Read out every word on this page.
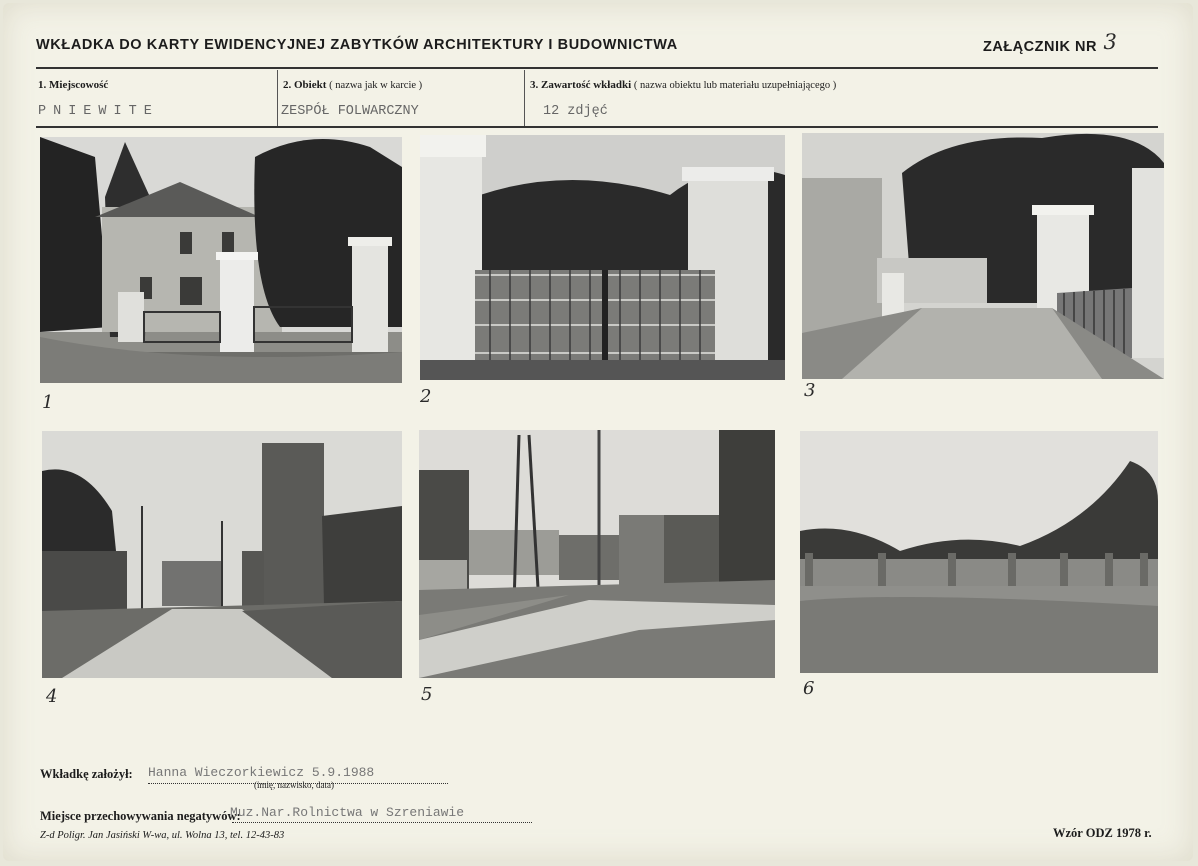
WKŁADKA DO KARTY EWIDENCYJNEJ ZABYTKÓW ARCHITEKTURY I BUDOWNICTWA	ZAŁĄCZNIK NR 3
1. Miejscowość
PNIEWITE
2. Obiekt ( nazwa jak w karcie )
ZESPÓŁ FOLWARCZNY
3. Zawartość wkładki ( nazwa obiektu lub materiału uzupełniającego )
12 zdjęć
1	2	3
4	5	6
Wkładkę założył: Hanna Wieczorkiewicz 5.9.1988
(imię, nazwisko, data)
Miejsce przechowywania negatywów:
Muz.Nar.Rolnictwa w Szreniawie
Z-d Poligr. Jan Jasiński W-wa, ul. Wolna 13, tel. 12-43-83	Wzór ODZ 1978 r.
